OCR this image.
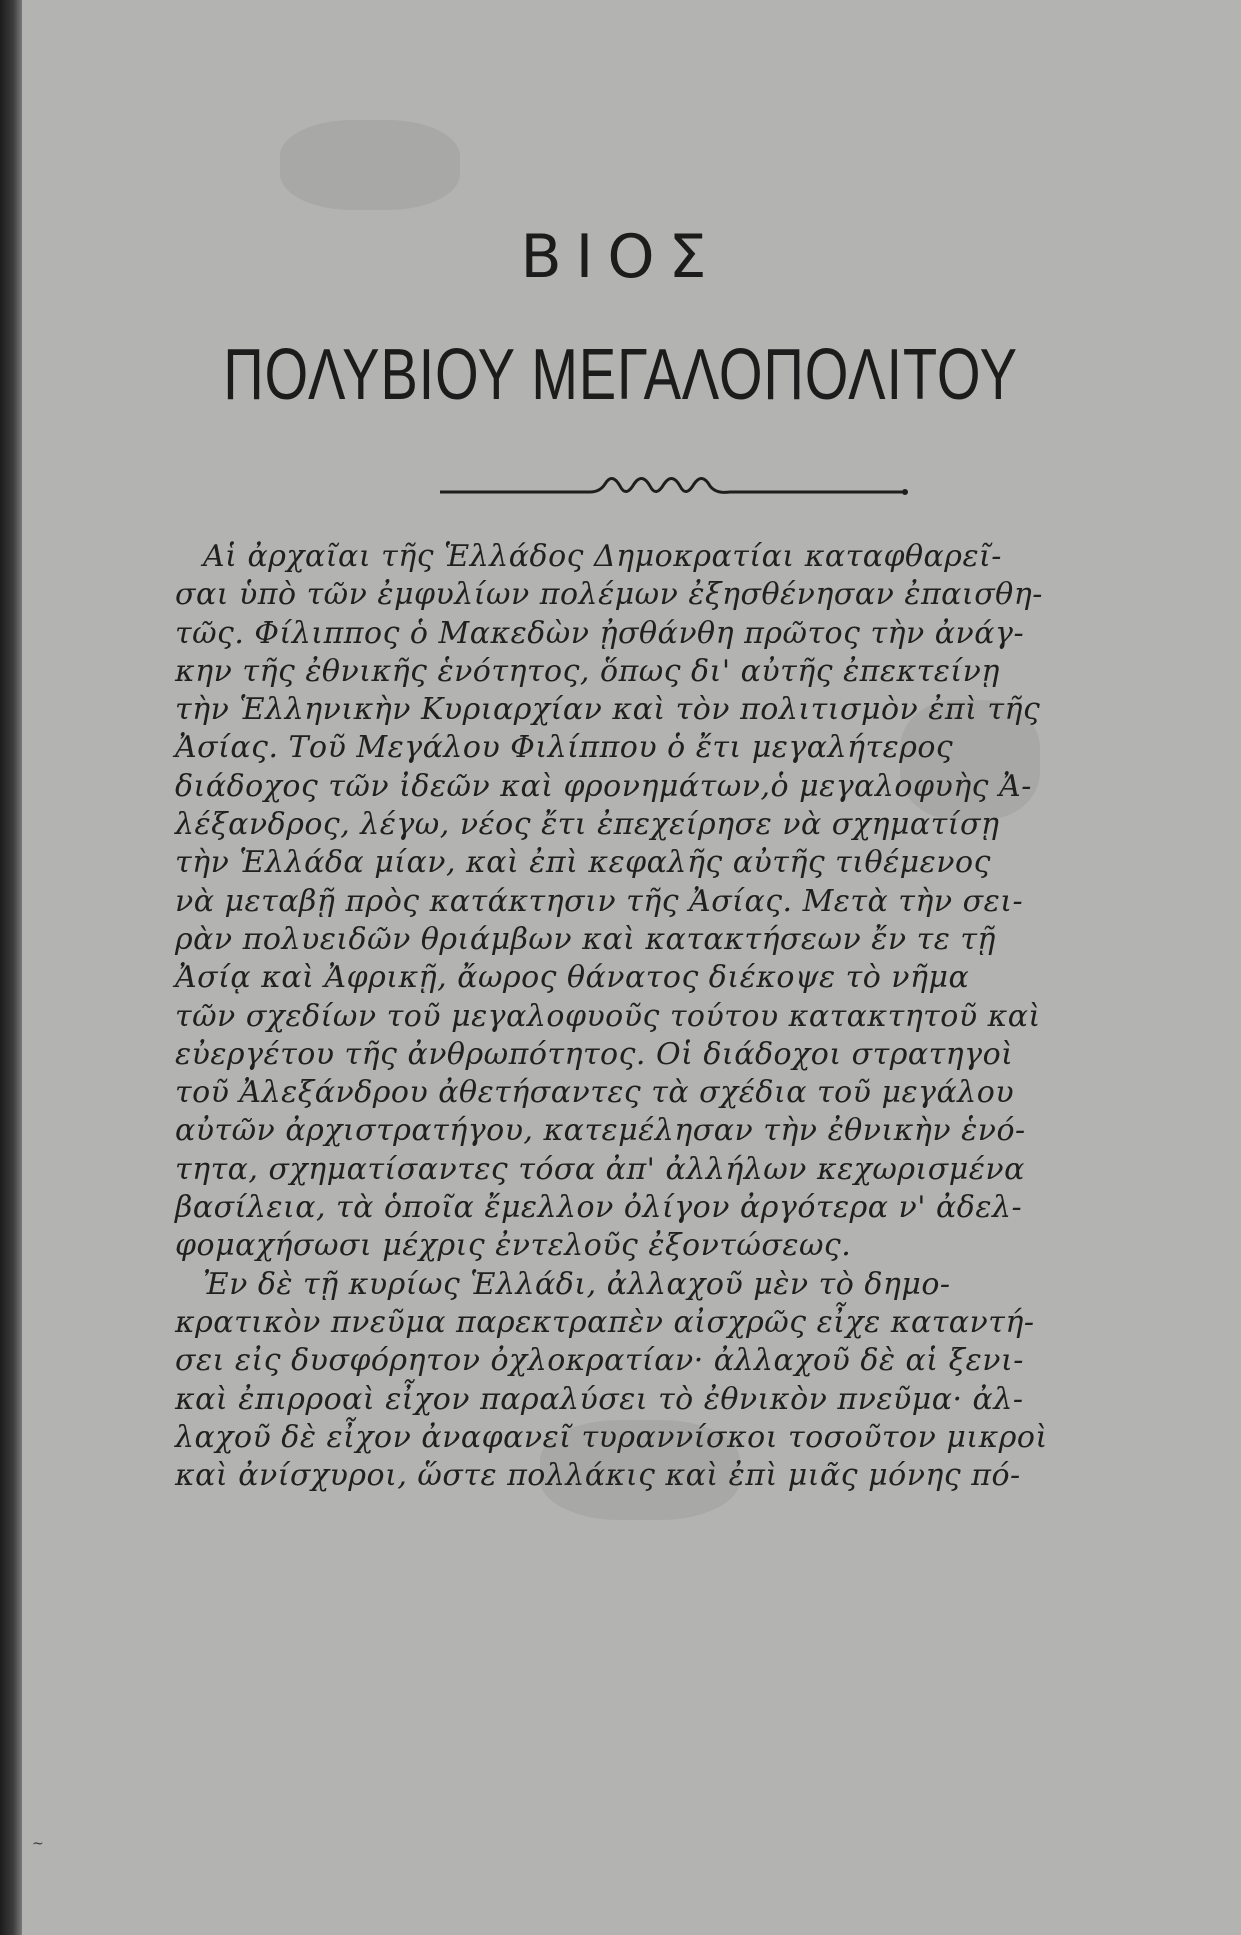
ΒΙΟΣ
ΠΟΛΥΒΙΟΥ ΜΕΓΑΛΟΠΟΛΙΤΟΥ
Αἱ ἀρχαῖαι τῆς Ἑλλάδος Δημοκρατίαι καταφθαρεῖ-
σαι ὑπὸ τῶν ἐμφυλίων πολέμων ἐξησθένησαν ἐπαισθη-
τῶς. Φίλιππος ὁ Μακεδὼν ᾐσθάνθη πρῶτος τὴν ἀνάγ-
κην τῆς ἐθνικῆς ἑνότητος, ὅπως δι' αὐτῆς ἐπεκτείνῃ
τὴν Ἑλληνικὴν Κυριαρχίαν καὶ τὸν πολιτισμὸν ἐπὶ τῆς
Ἀσίας. Τοῦ Μεγάλου Φιλίππου ὁ ἔτι μεγαλήτερος
διάδοχος τῶν ἰδεῶν καὶ φρονημάτων,ὁ μεγαλοφυὴς Ἀ-
λέξανδρος, λέγω, νέος ἔτι ἐπεχείρησε νὰ σχηματίσῃ
τὴν Ἑλλάδα μίαν, καὶ ἐπὶ κεφαλῆς αὐτῆς τιθέμενος
νὰ μεταβῇ πρὸς κατάκτησιν τῆς Ἀσίας. Μετὰ τὴν σει-
ρὰν πολυειδῶν θριάμβων καὶ κατακτήσεων ἔν τε τῇ
Ἀσίᾳ καὶ Ἀφρικῇ, ἄωρος θάνατος διέκοψε τὸ νῆμα
τῶν σχεδίων τοῦ μεγαλοφυοῦς τούτου κατακτητοῦ καὶ
εὐεργέτου τῆς ἀνθρωπότητος. Οἱ διάδοχοι στρατηγοὶ
τοῦ Ἀλεξάνδρου ἀθετήσαντες τὰ σχέδια τοῦ μεγάλου
αὐτῶν ἀρχιστρατήγου, κατεμέλησαν τὴν ἐθνικὴν ἑνό-
τητα, σχηματίσαντες τόσα ἀπ' ἀλλήλων κεχωρισμένα
βασίλεια, τὰ ὁποῖα ἔμελλον ὀλίγον ἀργότερα ν' ἀδελ-
φομαχήσωσι μέχρις ἐντελοῦς ἐξοντώσεως.
Ἐν δὲ τῇ κυρίως Ἑλλάδι, ἀλλαχοῦ μὲν τὸ δημο-
κρατικὸν πνεῦμα παρεκτραπὲν αἰσχρῶς εἶχε καταντή-
σει εἰς δυσφόρητον ὀχλοκρατίαν· ἀλλαχοῦ δὲ αἱ ξενι-
καὶ ἐπιρροαὶ εἶχον παραλύσει τὸ ἐθνικὸν πνεῦμα· ἀλ-
λαχοῦ δὲ εἶχον ἀναφανεῖ τυραννίσκοι τοσοῦτον μικροὶ
καὶ ἀνίσχυροι, ὥστε πολλάκις καὶ ἐπὶ μιᾶς μόνης πό-
~
